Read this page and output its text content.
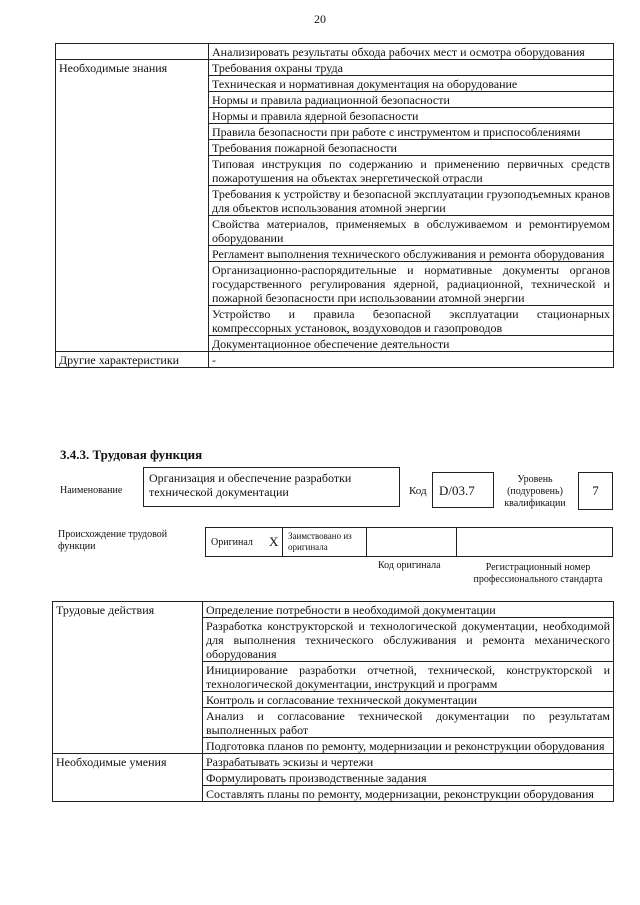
20
	Анализировать результаты обхода рабочих мест и осмотра оборудования
Необходимые знания	Требования охраны труда
	Техническая и нормативная документация на оборудование
	Нормы и правила радиационной безопасности
	Нормы и правила ядерной безопасности
	Правила безопасности при работе с инструментом и приспособлениями
	Требования пожарной безопасности
	Типовая инструкция по содержанию и применению первичных средств пожаротушения на объектах энергетической отрасли
	Требования к устройству и безопасной эксплуатации грузоподъемных кранов для объектов использования атомной энергии
	Свойства материалов, применяемых в обслуживаемом и ремонтируемом оборудовании
	Регламент выполнения технического обслуживания и ремонта оборудования
	Организационно-распорядительные и нормативные документы органов государственного регулирования ядерной, радиационной, технической и пожарной безопасности при использовании атомной энергии
	Устройство и правила безопасной эксплуатации стационарных компрессорных установок, воздуховодов и газопроводов
	Документационное обеспечение деятельности
Другие характеристики	-
3.4.3. Трудовая функция
Наименование
Организация и обеспечение разработки технической документации	Код D/03.7
Уровень (подуровень) квалификации
7
Происхождение трудовой функции	Оригинал X Заимствовано из оригинала
Код оригинала	Регистрационный номер профессионального стандарта
Трудовые действия	Определение потребности в необходимой документации
	Разработка конструкторской и технологической документации, необходимой для выполнения технического обслуживания и ремонта механического оборудования
	Инициирование разработки отчетной, технической, конструкторской и технологической документации, инструкций и программ
	Контроль и согласование технической документации
	Анализ и согласование технической документации по результатам выполненных работ
	Подготовка планов по ремонту, модернизации и реконструкции оборудования
Необходимые умения	Разрабатывать эскизы и чертежи
	Формулировать производственные задания
	Составлять планы по ремонту, модернизации, реконструкции оборудования
